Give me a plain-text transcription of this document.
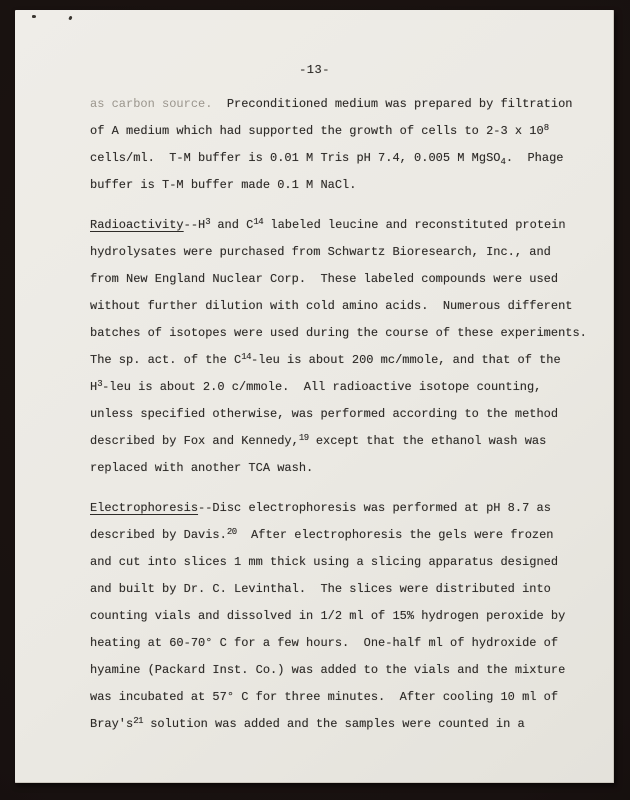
-13-
as carbon source.  Preconditioned medium was prepared by filtration
of A medium which had supported the growth of cells to 2-3 x $10^8$
cells/ml.  T-M buffer is 0.01 M Tris pH 7.4, 0.005 M MgSO$_4$.  Phage
buffer is T-M buffer made 0.1 M NaCl.
Radioactivity-$-H^3$ and $C^{14}$ labeled leucine and reconstituted protein
hydrolysates were purchased from Schwartz Bioresearch, Inc., and
from New England Nuclear Corp.  These labeled compounds were used
without further dilution with cold amino acids.  Numerous different
batches of isotopes were used during the course of these experiments.
The sp. act. of the $C^{14}$-leu is about 200 mc/mmole, and that of the
$H^3$-leu is about 2.0 c/mmole.  All radioactive isotope counting,
unless specified otherwise, was performed according to the method
described by Fox and Kennedy,$^{19}$ except that the ethanol wash was
replaced with another TCA wash.
Electrophoresis--Disc electrophoresis was performed at pH 8.7 as
described by Davis.$^{20}$  After electrophoresis the gels were frozen
and cut into slices 1 mm thick using a slicing apparatus designed
and built by Dr. C. Levinthal.  The slices were distributed into
counting vials and dissolved in 1/2 ml of 15% hydrogen peroxide by
heating at 60-70° C for a few hours.  One-half ml of hydroxide of
hyamine (Packard Inst. Co.) was added to the vials and the mixture
was incubated at 57° C for three minutes.  After cooling 10 ml of
$Bray's^{21}$ solution was added and the samples were counted in a
